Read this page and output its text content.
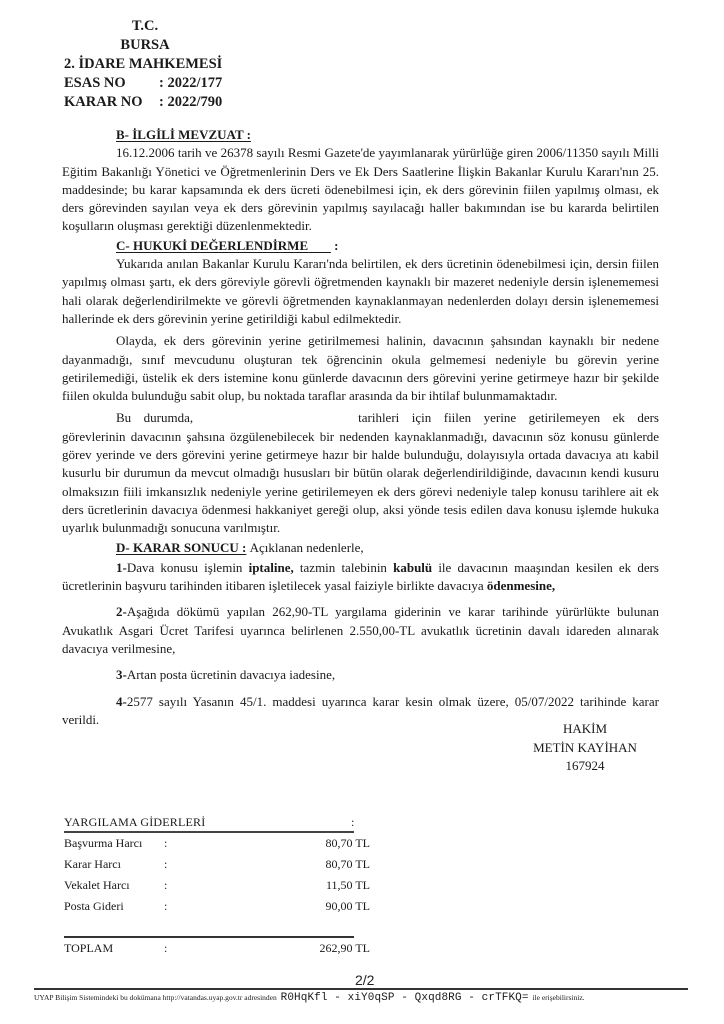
T.C.
BURSA
2. İDARE MAHKEMESİ
ESAS NO : 2022/177
KARAR NO : 2022/790

B- İLGİLİ MEVZUAT :

16.12.2006 tarih ve 26378 sayılı Resmi Gazete'de yayımlanarak yürürlüğe giren 2006/11350 sayılı Milli Eğitim Bakanlığı Yönetici ve Öğretmenlerinin Ders ve Ek Ders Saatlerine İlişkin Bakanlar Kurulu Kararı'nın 25. maddesinde; bu karar kapsamında ek ders ücreti ödenebilmesi için, ek ders görevinin fiilen yapılmış olması, ek ders görevinden sayılan veya ek ders görevinin yapılmış sayılacağı haller bakımından ise bu kararda belirtilen koşulların oluşması gerektiği düzenlenmektedir.

C- HUKUKİ DEĞERLENDİRME :

Yukarıda anılan Bakanlar Kurulu Kararı'nda belirtilen, ek ders ücretinin ödenebilmesi için, dersin fiilen yapılmış olması şartı, ek ders göreviyle görevli öğretmenden kaynaklı bir mazeret nedeniyle dersin işlenememesi hali olarak değerlendirilmekte ve görevli öğretmenden kaynaklanmayan nedenlerden dolayı dersin işlenememesi hallerinde ek ders görevinin yerine getirildiği kabul edilmektedir.

Olayda, ek ders görevinin yerine getirilmemesi halinin, davacının şahsından kaynaklı bir nedene dayanmadığı, sınıf mevcudunu oluşturan tek öğrencinin okula gelmemesi nedeniyle bu görevin yerine getirilemediği, üstelik ek ders istemine konu günlerde davacının ders görevini yerine getirmeye hazır bir şekilde fiilen okulda bulunduğu sabit olup, bu noktada taraflar arasında da bir ihtilaf bulunmamaktadır.

Bu durumda,	tarihleri için fiilen yerine getirilemeyen ek ders görevlerinin davacının şahsına özgülenebilecek bir nedenden kaynaklanmadığı, davacının söz konusu günlerde görev yerinde ve ders görevini yerine getirmeye hazır bir halde bulunduğu, dolayısıyla ortada davacıya atı kabil kusurlu bir durumun da mevcut olmadığı hususları bir bütün olarak değerlendirildiğinde, davacının kendi kusuru olmaksızın fiili imkansızlık nedeniyle yerine getirilemeyen ek ders görevi nedeniyle talep konusu tarihlere ait ek ders ücretlerinin davacıya ödenmesi hakkaniyet gereği olup, aksi yönde tesis edilen dava konusu işlemde hukuka uyarlık bulunmadığı sonucuna varılmıştır.

D- KARAR SONUCU : Açıklanan nedenlerle,

1-Dava konusu işlemin iptaline, tazmin talebinin kabulü ile davacının maaşından kesilen ek ders ücretlerinin başvuru tarihinden itibaren işletilecek yasal faiziyle birlikte davacıya ödenmesine,

2-Aşağıda dökümü yapılan 262,90-TL yargılama giderinin ve karar tarihinde yürürlükte bulunan Avukatlık Asgari Ücret Tarifesi uyarınca belirlenen 2.550,00-TL avukatlık ücretinin davalı idareden alınarak davacıya verilmesine,

3-Artan posta ücretinin davacıya iadesine,

4-2577 sayılı Yasanın 45/1. maddesi uyarınca karar kesin olmak üzere, 05/07/2022 tarihinde karar verildi.

HAKİM
METİN KAYİHAN
167924
YARGILAMA GİDERLERİ	:
Başvurma Harcı :	80,70 TL
Karar Harcı	:	80,70 TL
Vekalet Harcı	:	11,50 TL
Posta Gideri	:	90,00 TL
TOPLAM	:	262,90 TL
2/2
UYAP Bilişim Sistemindeki bu dokümana http://vatandas.uyap.gov.tr adresinden R0HqKfl - xiY0qSP - Qxqd8RG - crTFKQ= ile erişebilirsiniz.
